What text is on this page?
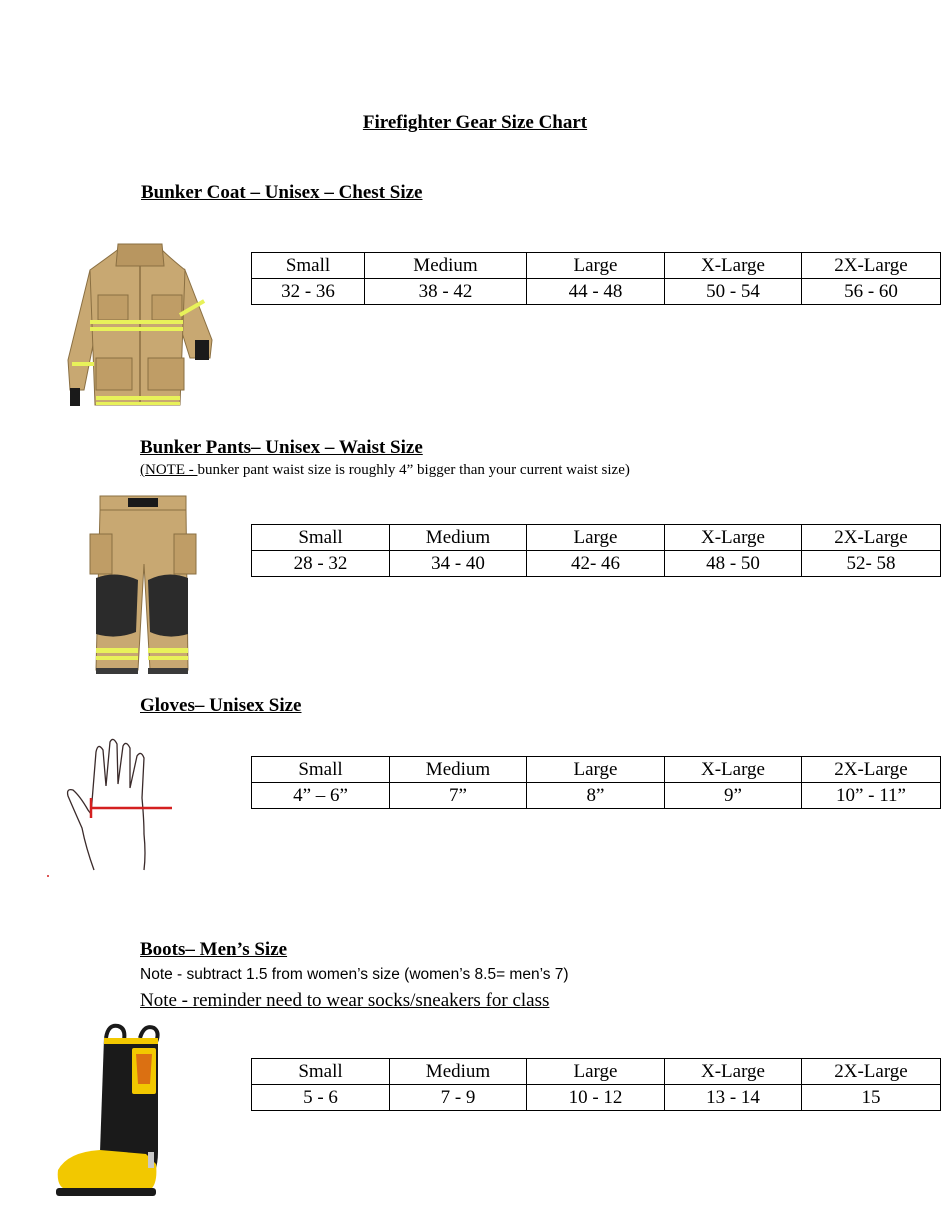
Firefighter Gear Size Chart
Bunker Coat – Unisex – Chest Size
Small	Medium	Large	X-Large	2X-Large
32 - 36	38 - 42	44 - 48	50 - 54	56 - 60
Bunker Pants– Unisex – Waist Size
(NOTE - bunker pant waist size is roughly 4” bigger than your current waist size)
Small	Medium	Large	X-Large	2X-Large
28 - 32	34 - 40	42- 46	48 - 50	52- 58
Gloves– Unisex Size
Small	Medium	Large	X-Large	2X-Large
4” – 6”	7”	8”	9”	10” - 11”
Boots– Men’s Size
Note - subtract 1.5 from women’s size (women’s 8.5= men’s 7)
Note - reminder need to wear socks/sneakers for class
Small	Medium	Large	X-Large	2X-Large
5 - 6	7 - 9	10 - 12	13 - 14	15
